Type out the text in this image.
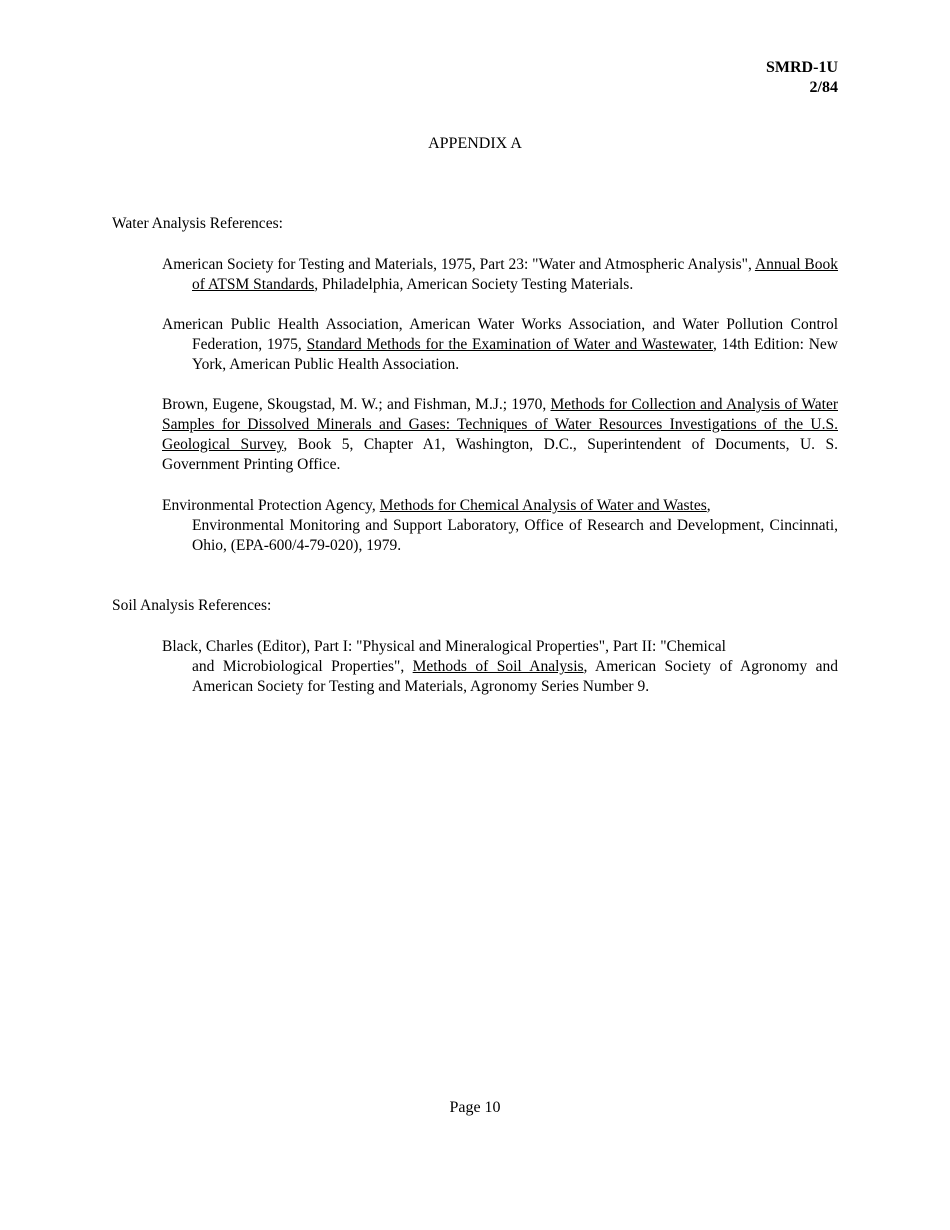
SMRD-1U
2/84
APPENDIX A
Water Analysis References:

American Society for Testing and Materials, 1975, Part 23: "Water and Atmospheric Analysis", Annual Book of ATSM Standards, Philadelphia, American Society Testing Materials.

American Public Health Association, American Water Works Association, and Water Pollution Control Federation, 1975, Standard Methods for the Examination of Water and Wastewater, 14th Edition: New York, American Public Health Association.

Brown, Eugene, Skougstad, M. W.; and Fishman, M.J.; 1970, Methods for Collection and Analysis of Water Samples for Dissolved Minerals and Gases: Techniques of Water Resources Investigations of the U.S. Geological Survey, Book 5, Chapter A1, Washington, D.C., Superintendent of Documents, U. S. Government Printing Office.

Environmental Protection Agency, Methods for Chemical Analysis of Water and Wastes,

Environmental Monitoring and Support Laboratory, Office of Research and Development, Cincinnati, Ohio, (EPA-600/4-79-020), 1979.

Soil Analysis References:

Black, Charles (Editor), Part I: "Physical and Mineralogical Properties", Part II: "Chemical

and Microbiological Properties", Methods of Soil Analysis, American Society of Agronomy and American Society for Testing and Materials, Agronomy Series Number 9.

Page 10
